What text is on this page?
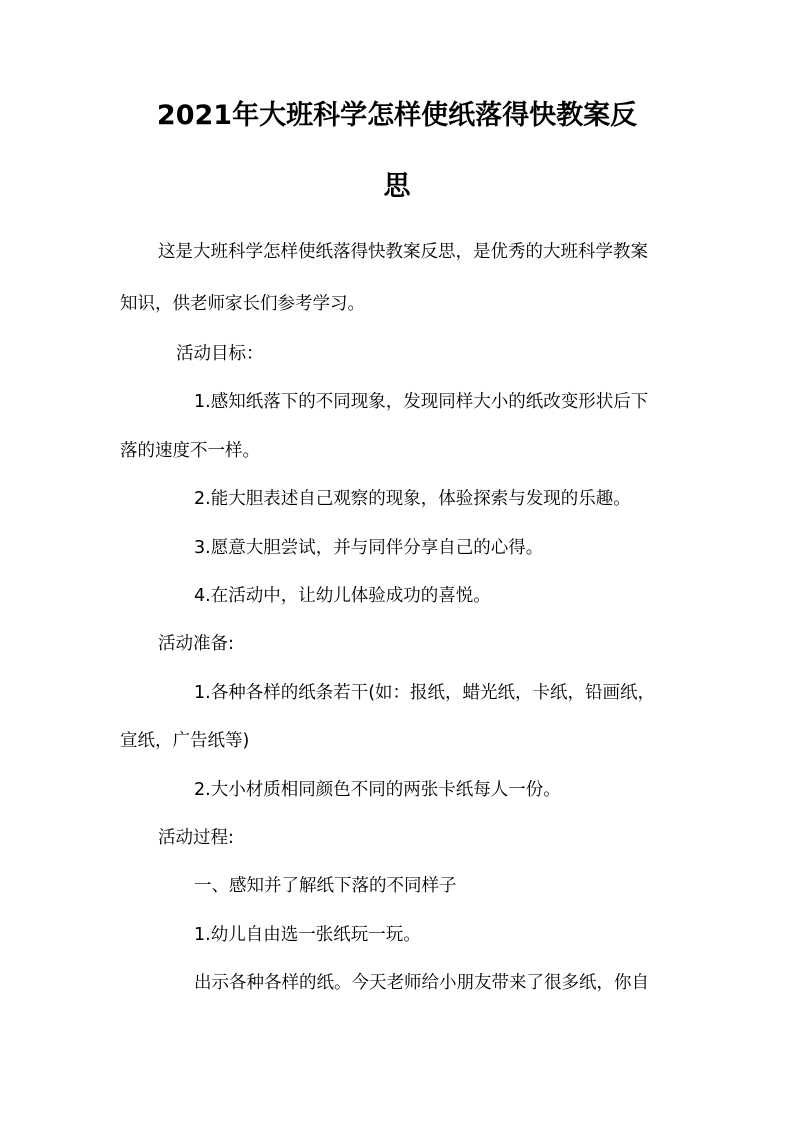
2021年大班科学怎样使纸落得快教案反
思
这是大班科学怎样使纸落得快教案反思，是优秀的大班科学教案
知识，供老师家长们参考学习。
活动目标：
1.感知纸落下的不同现象，发现同样大小的纸改变形状后下
落的速度不一样。
2.能大胆表述自己观察的现象，体验探索与发现的乐趣。
3.愿意大胆尝试，并与同伴分享自己的心得。
4.在活动中，让幼儿体验成功的喜悦。
活动准备:
1.各种各样的纸条若干(如：报纸，蜡光纸，卡纸，铅画纸，
宣纸，广告纸等)
2.大小材质相同颜色不同的两张卡纸每人一份。
活动过程:
一、感知并了解纸下落的不同样子
1.幼儿自由选一张纸玩一玩。
出示各种各样的纸。今天老师给小朋友带来了很多纸，你自
